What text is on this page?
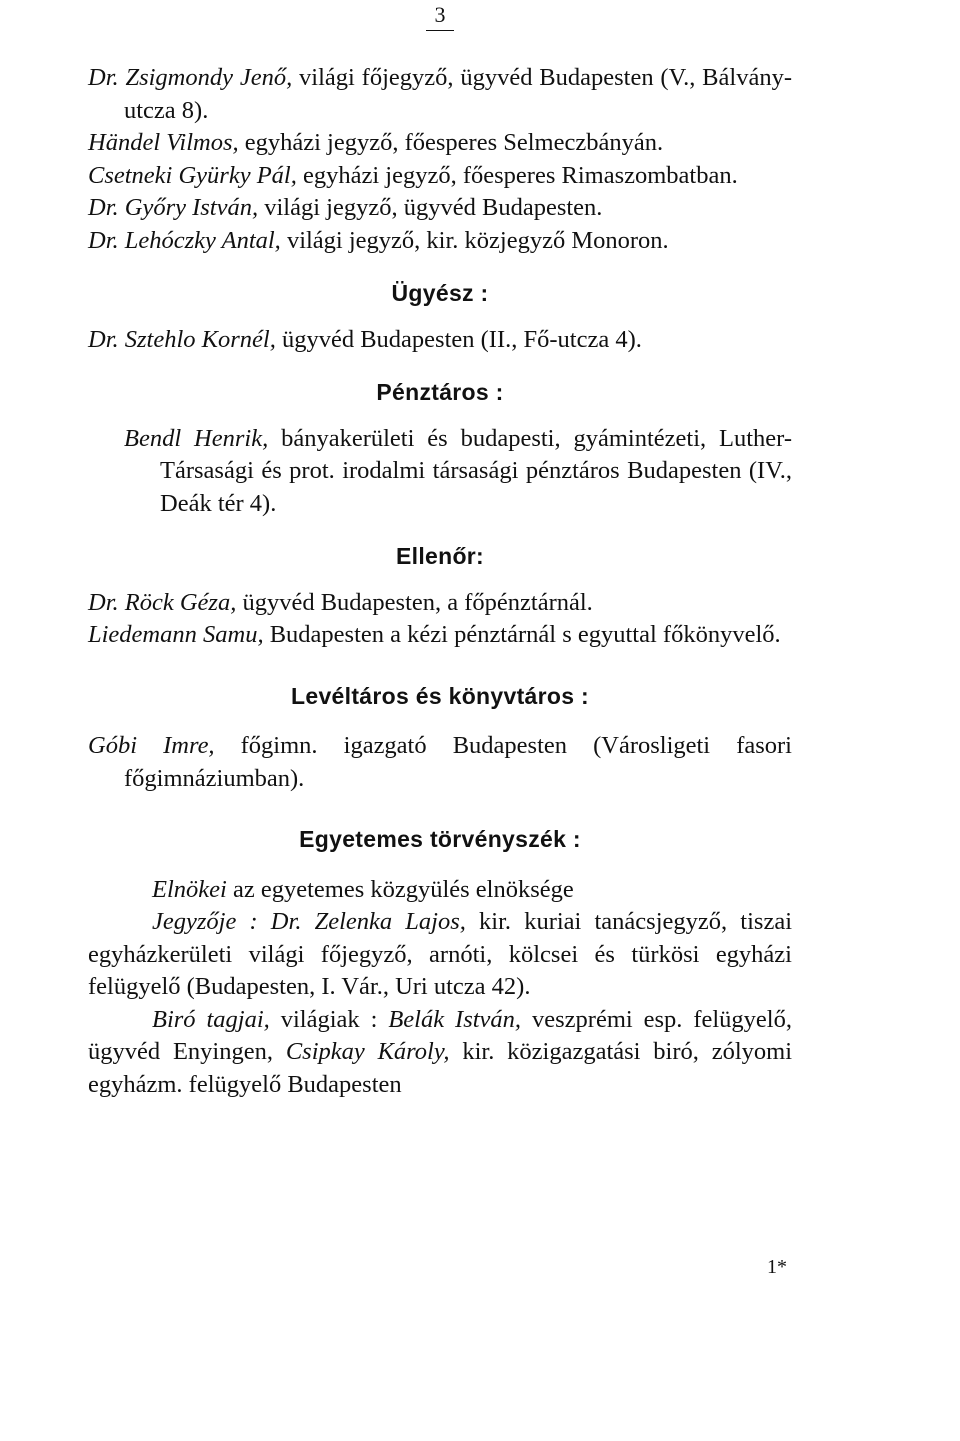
3
Dr. Zsigmondy Jenő, világi főjegyző, ügyvéd Budapesten (V., Bálvány-utcza 8).
Händel Vilmos, egyházi jegyző, főesperes Selmeczbányán.
Csetneki Gyürky Pál, egyházi jegyző, főesperes Rimaszombatban.
Dr. Győry István, világi jegyző, ügyvéd Budapesten.
Dr. Lehóczky Antal, világi jegyző, kir. közjegyző Monoron.
Ügyész :
Dr. Sztehlo Kornél, ügyvéd Budapesten (II., Fő-utcza 4).
Pénztáros :
Bendl Henrik, bányakerületi és budapesti, gyámintézeti, Luther-Társasági és prot. irodalmi társasági pénztáros Budapesten (IV., Deák tér 4).
Ellenőr:
Dr. Röck Géza, ügyvéd Budapesten, a főpénztárnál.
Liedemann Samu, Budapesten a kézi pénztárnál s egyuttal főkönyvelő.
Levéltáros és könyvtáros :
Góbi Imre, főgimn. igazgató Budapesten (Városligeti fasori főgimnáziumban).
Egyetemes törvényszék :
Elnökei az egyetemes közgyülés elnöksége
Jegyzője : Dr. Zelenka Lajos, kir. kuriai tanácsjegyző, tiszai egyházkerületi világi főjegyző, arnóti, kölcsei és türkösi egyházi felügyelő (Budapesten, I. Vár., Uri utcza 42).
Biró tagjai, világiak : Belák István, veszprémi esp. felügyelő, ügyvéd Enyingen, Csipkay Károly, kir. közigazgatási biró, zólyomi egyházm. felügyelő Budapesten
1*
